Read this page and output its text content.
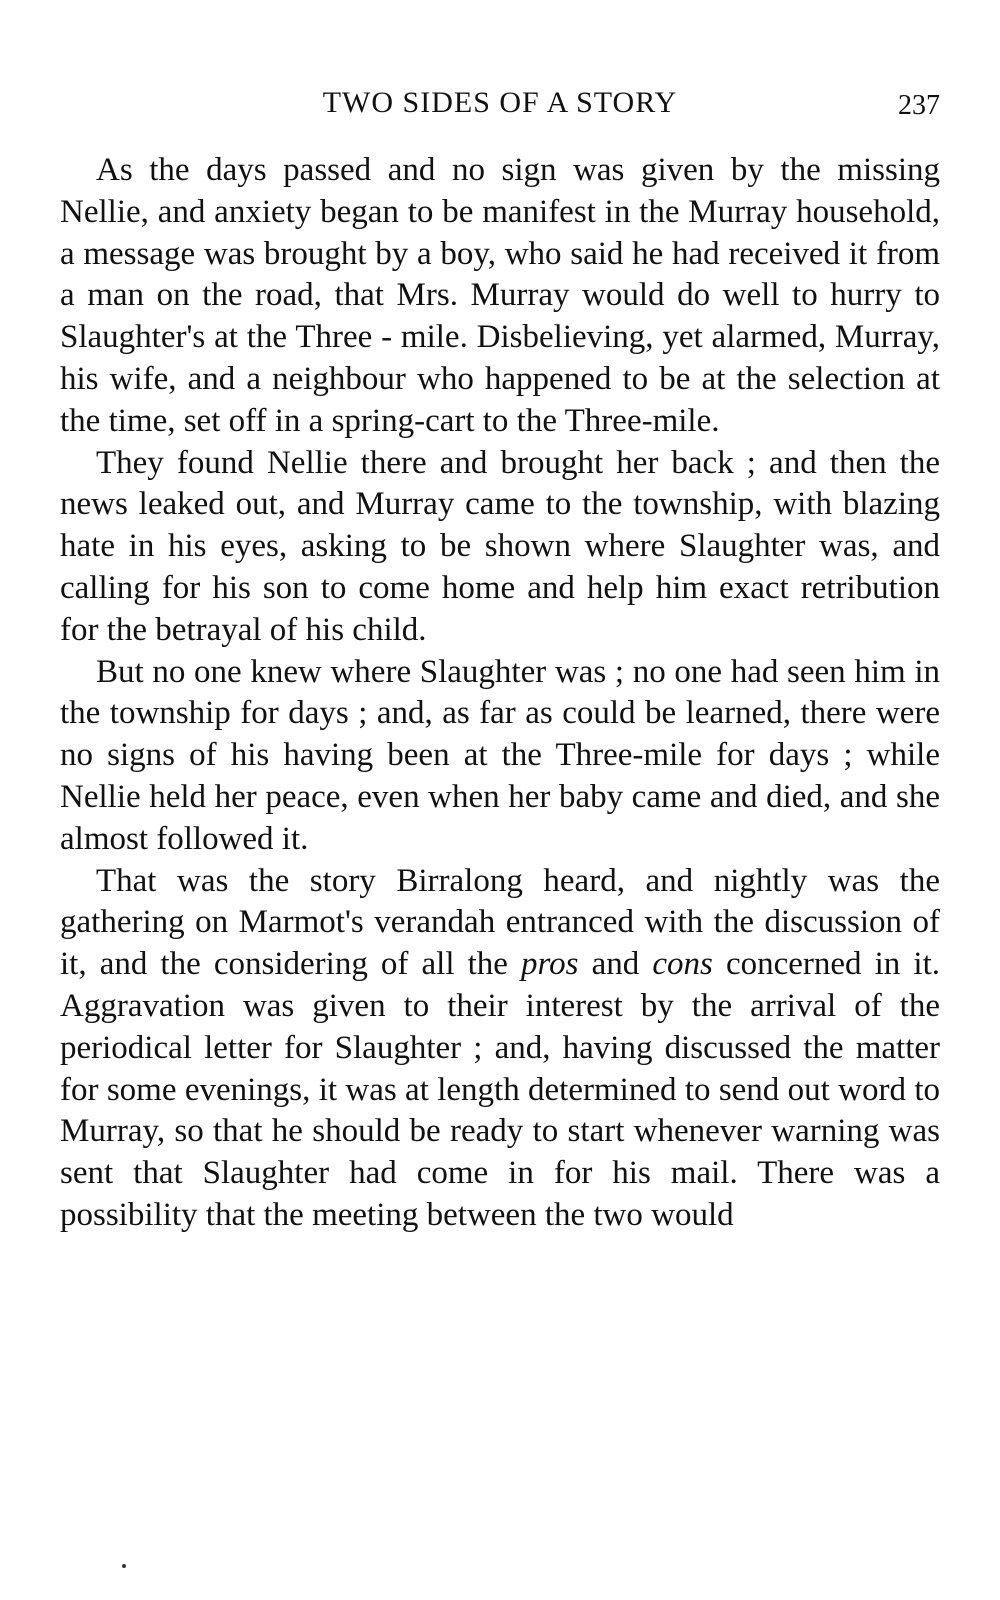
TWO SIDES OF A STORY	237

As the days passed and no sign was given by the missing Nellie, and anxiety began to be manifest in the Murray household, a message was brought by a boy, who said he had received it from a man on the road, that Mrs. Murray would do well to hurry to Slaughter's at the Three - mile. Disbelieving, yet alarmed, Murray, his wife, and a neighbour who happened to be at the selection at the time, set off in a spring-cart to the Three-mile.

They found Nellie there and brought her back ; and then the news leaked out, and Murray came to the township, with blazing hate in his eyes, asking to be shown where Slaughter was, and calling for his son to come home and help him exact retribution for the betrayal of his child.

But no one knew where Slaughter was ; no one had seen him in the township for days ; and, as far as could be learned, there were no signs of his having been at the Three-mile for days ; while Nellie held her peace, even when her baby came and died, and she almost followed it.

That was the story Birralong heard, and nightly was the gathering on Marmot's verandah entranced with the discussion of it, and the considering of all the pros and cons concerned in it. Aggravation was given to their interest by the arrival of the periodical letter for Slaughter ; and, having discussed the matter for some evenings, it was at length determined to send out word to Murray, so that he should be ready to start whenever warning was sent that Slaughter had come in for his mail. There was a possibility that the meeting between the two would
